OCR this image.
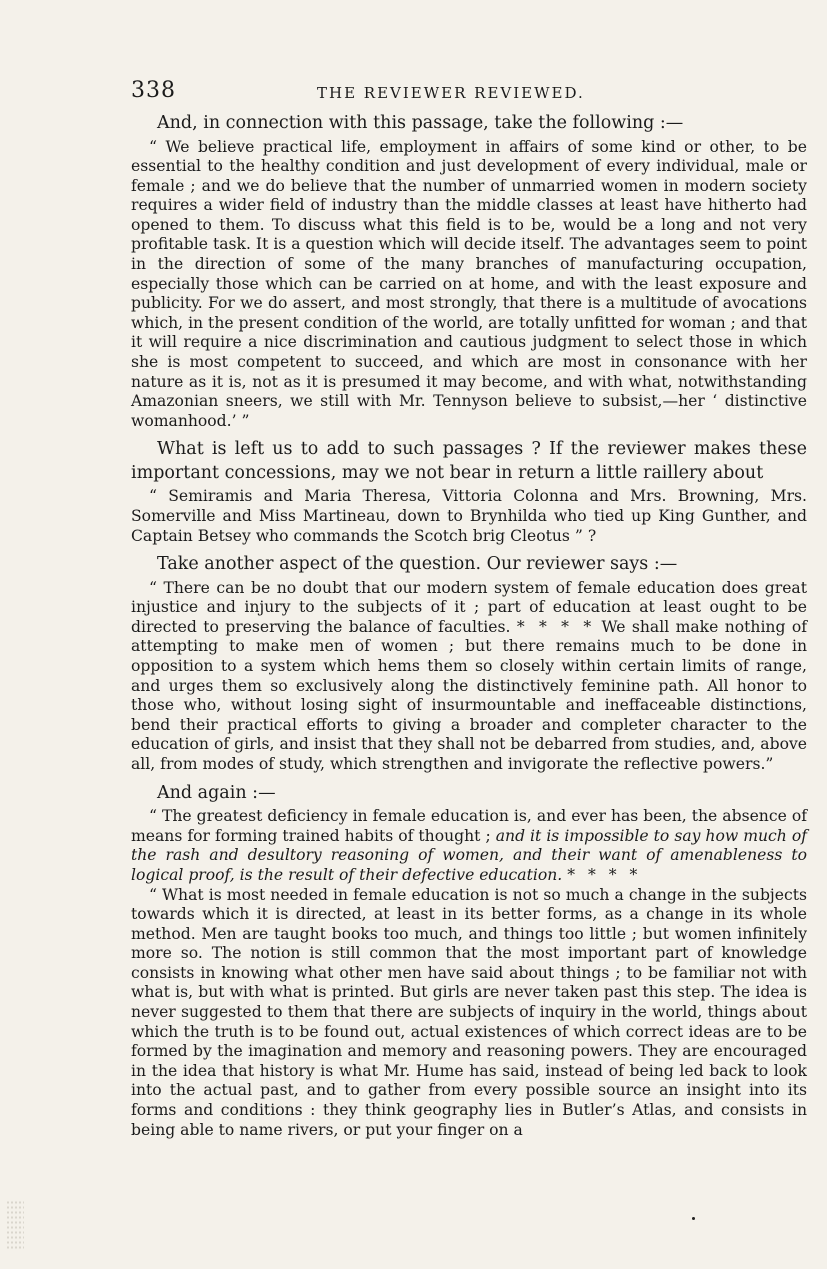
338	THE REVIEWER REVIEWED.

And, in connection with this passage, take the following :—

“ We believe practical life, employment in affairs of some kind or other, to be essential to the healthy condition and just development of every individual, male or female ; and we do believe that the number of unmarried women in modern society requires a wider field of industry than the middle classes at least have hitherto had opened to them. To discuss what this field is to be, would be a long and not very profitable task. It is a question which will decide itself. The advantages seem to point in the direction of some of the many branches of manufacturing occupation, especially those which can be carried on at home, and with the least exposure and publicity. For we do assert, and most strongly, that there is a multitude of avocations which, in the present condition of the world, are totally unfitted for woman ; and that it will require a nice discrimination and cautious judgment to select those in which she is most competent to succeed, and which are most in consonance with her nature as it is, not as it is presumed it may become, and with what, notwithstanding Amazonian sneers, we still with Mr. Tennyson believe to subsist,—her ‘ distinctive womanhood.’ ”

What is left us to add to such passages ? If the reviewer makes these important concessions, may we not bear in return a little raillery about

“ Semiramis and Maria Theresa, Vittoria Colonna and Mrs. Browning, Mrs. Somerville and Miss Martineau, down to Brynhilda who tied up King Gunther, and Captain Betsey who commands the Scotch brig Cleotus ” ?

Take another aspect of the question. Our reviewer says :—

“ There can be no doubt that our modern system of female education does great injustice and injury to the subjects of it ; part of education at least ought to be directed to preserving the balance of faculties. * * * * We shall make nothing of attempting to make men of women ; but there remains much to be done in opposition to a system which hems them so closely within certain limits of range, and urges them so exclusively along the distinctively feminine path. All honor to those who, without losing sight of insurmountable and ineffaceable distinctions, bend their practical efforts to giving a broader and completer character to the education of girls, and insist that they shall not be debarred from studies, and, above all, from modes of study, which strengthen and invigorate the reflective powers.”

And again :—

“ The greatest deficiency in female education is, and ever has been, the absence of means for forming trained habits of thought ; and it is impossible to say how much of the rash and desultory reasoning of women, and their want of amenableness to logical proof, is the result of their defective education. * * * *

“ What is most needed in female education is not so much a change in the subjects towards which it is directed, at least in its better forms, as a change in its whole method. Men are taught books too much, and things too little ; but women infinitely more so. The notion is still common that the most important part of knowledge consists in knowing what other men have said about things ; to be familiar not with what is, but with what is printed. But girls are never taken past this step. The idea is never suggested to them that there are subjects of inquiry in the world, things about which the truth is to be found out, actual existences of which correct ideas are to be formed by the imagination and memory and reasoning powers. They are encouraged in the idea that history is what Mr. Hume has said, instead of being led back to look into the actual past, and to gather from every possible source an insight into its forms and conditions : they think geography lies in Butler’s Atlas, and consists in being able to name rivers, or put your finger on a
